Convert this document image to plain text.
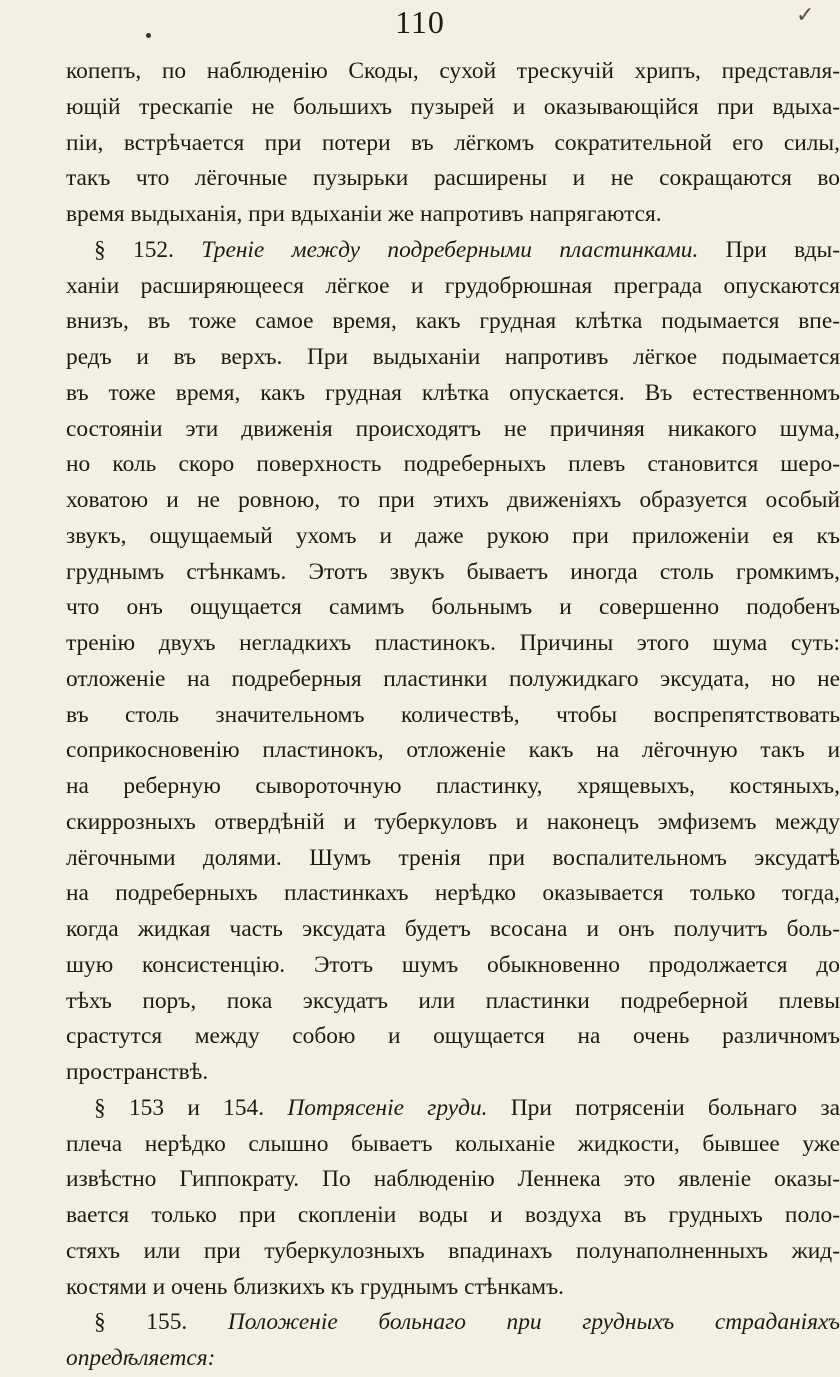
110	✓
копепъ, по наблюденію Скоды, сухой трескучій хрипъ, представля-
ющій трескапіе не большихъ пузырей и оказывающійся при вдыха-
піи, встрѣчается при потери въ лёгкомъ сократительной его силы,
такъ что лёгочные пузырьки расширены и не сокращаются во
время выдыханія, при вдыханіи же напротивъ напрягаются.
§ 152. Треніе между подреберными пластинками. При вды-
ханіи расширяющееся лёгкое и грудобрюшная преграда опускаются
внизъ, въ тоже самое время, какъ грудная клѣтка подымается впе-
редъ и въ верхъ. При выдыханіи напротивъ лёгкое подымается
въ тоже время, какъ грудная клѣтка опускается. Въ естественномъ
состояніи эти движенія происходятъ не причиняя никакого шума,
но коль скоро поверхность подреберныхъ плевъ становится шеро-
ховатою и не ровною, то при этихъ движеніяхъ образуется особый
звукъ, ощущаемый ухомъ и даже рукою при приложеніи ея къ
груднымъ стѣнкамъ. Этотъ звукъ бываетъ иногда столь громкимъ,
что онъ ощущается самимъ больнымъ и совершенно подобенъ
тренію двухъ негладкихъ пластинокъ. Причины этого шума суть:
отложеніе на подреберныя пластинки полужидкаго эксудата, но не
въ столь значительномъ количествѣ, чтобы воспрепятствовать
соприкосновенію пластинокъ, отложеніе какъ на лёгочную такъ и
на реберную сывороточную пластинку, хрящевыхъ, костяныхъ,
скиррозныхъ отвердѣній и туберкуловъ и наконецъ эмфиземъ между
лёгочными долями. Шумъ тренія при воспалительномъ эксудатѣ
на подреберныхъ пластинкахъ нерѣдко оказывается только тогда,
когда жидкая часть эксудата будетъ всосана и онъ получитъ боль-
шую консистенцію. Этотъ шумъ обыкновенно продолжается до
тѣхъ поръ, пока эксудатъ или пластинки подреберной плевы
срастутся между собою и ощущается на очень различномъ
пространствѣ.
§ 153 и 154. Потрясеніе груди. При потрясеніи больнаго за
плеча нерѣдко слышно бываетъ колыханіе жидкости, бывшее уже
извѣстно Гиппократу. По наблюденію Леннека это явленіе оказы-
вается только при скопленіи воды и воздуха въ грудныхъ поло-
стяхъ или при туберкулозныхъ впадинахъ полунаполненныхъ жид-
костями и очень близкихъ къ груднымъ стѣнкамъ.
§ 155. Положеніе больнаго при грудныхъ страданіяхъ
опредѣляется:
